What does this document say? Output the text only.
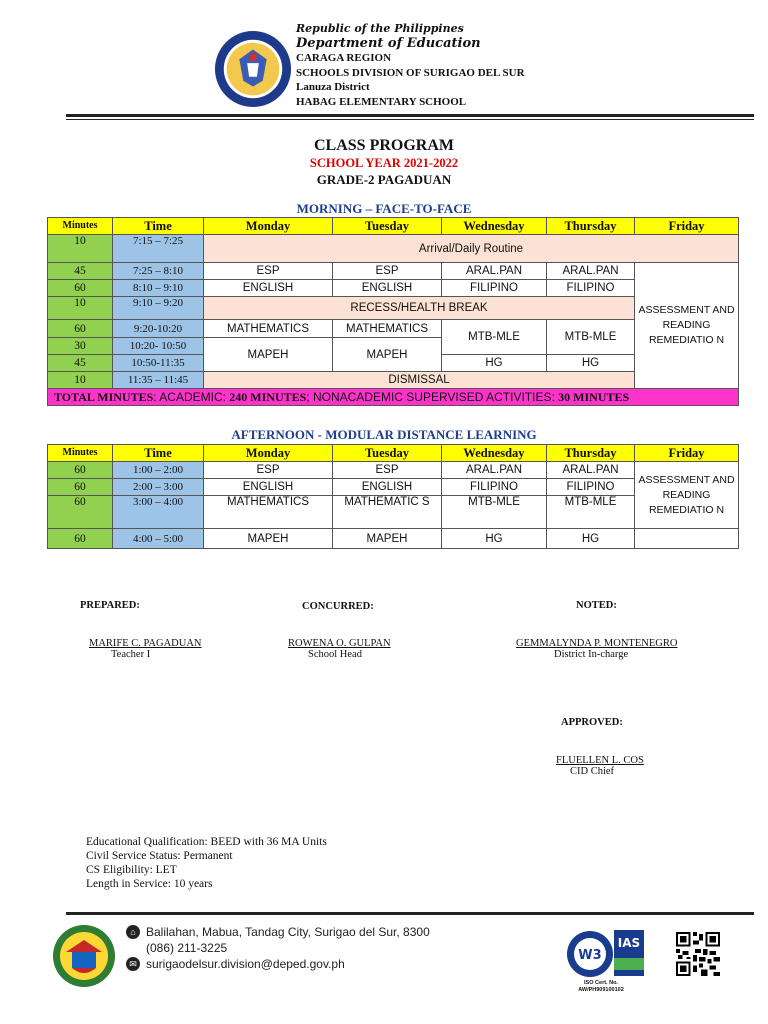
Republic of the Philippines
Department of Education
CARAGA REGION
SCHOOLS DIVISION OF SURIGAO DEL SUR
Lanuza District
HABAG ELEMENTARY SCHOOL
CLASS PROGRAM
SCHOOL YEAR 2021-2022
GRADE-2 PAGADUAN
MORNING – FACE-TO-FACE
Minutes	Time	Monday	Tuesday	Wednesday	Thursday	Friday
10	7:15 – 7:25	Arrival/Daily Routine				
45	7:25 – 8:10	ESP	ESP	ARAL.PAN	ARAL.PAN	ASSESSMENT AND READING REMEDIATIO N
60	8:10 – 9:10	ENGLISH	ENGLISH	FILIPINO	FILIPINO	
10	9:10 – 9:20	RECESS/HEALTH BREAK				
60	9:20-10:20	MATHEMATICS	MATHEMATICS	MTB-MLE	MTB-MLE	
30	10:20- 10:50	MAPEH	MAPEH			
45	10:50-11:35			HG	HG	
10	11:35 – 11:45	DISMISSAL				
TOTAL MINUTES: ACADEMIC: 240 MINUTES; NONACADEMIC SUPERVISED ACTIVITIES: 30 MINUTES						
AFTERNOON - MODULAR DISTANCE LEARNING
Minutes	Time	Monday	Tuesday	Wednesday	Thursday	Friday
60	1:00 – 2:00	ESP	ESP	ARAL.PAN	ARAL.PAN	ASSESSMENT AND READING REMEDIATIO N
60	2:00 – 3:00	ENGLISH	ENGLISH	FILIPINO	FILIPINO	
60	3:00 – 4:00	MATHEMATICS	MATHEMATIC S	MTB-MLE	MTB-MLE	
60	4:00 – 5:00	MAPEH	MAPEH	HG	HG	
PREPARED:
MARIFE C. PAGADUAN
Teacher I
CONCURRED:
ROWENA O. GULPAN
School Head
NOTED:
GEMMALYNDA P. MONTENEGRO
District In-charge
APPROVED:
FLUELLEN L. COS
CID Chief
Educational Qualification: BEED with 36 MA Units
Civil Service Status: Permanent
CS Eligibility: LET
Length in Service: 10 years
⌂ Balilahan, Mabua, Tandag City, Surigao del Sur, 8300
(086) 211-3225
✉ surigaodelsur.division@deped.gov.ph
W3
IAS
ISO Cert. No.
AW/PH909100102
